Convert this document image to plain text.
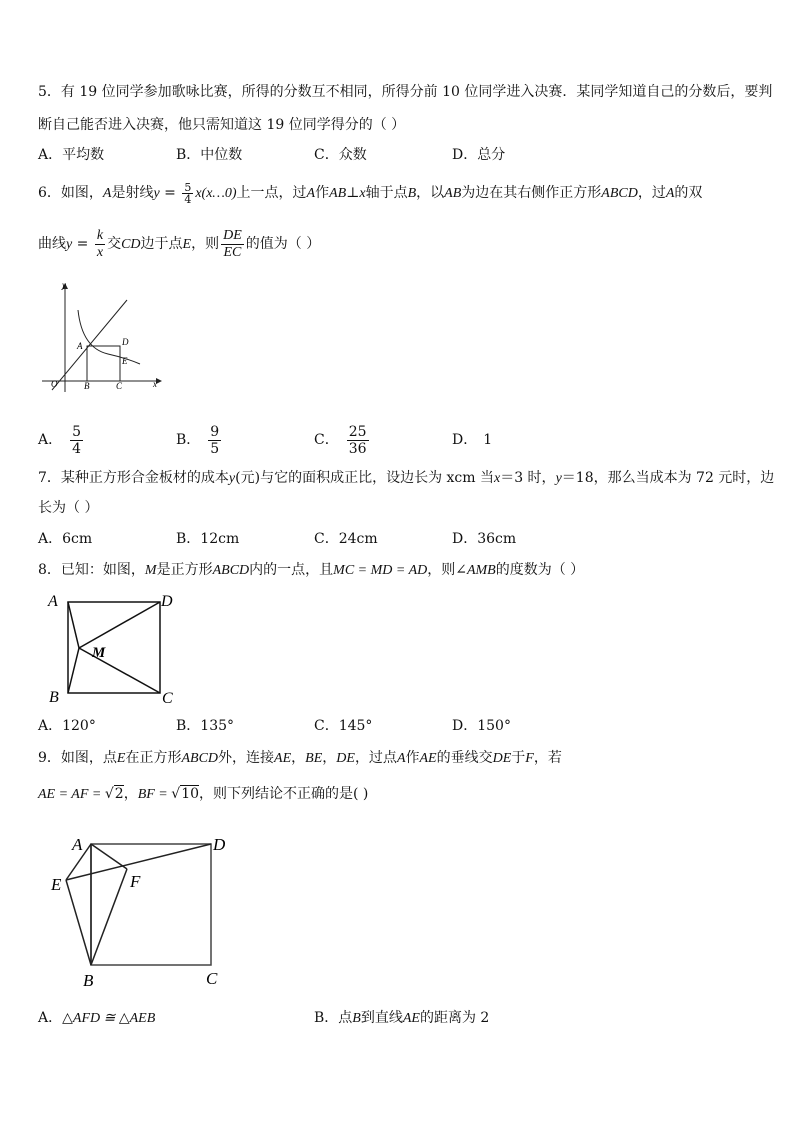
5．有 19 位同学参加歌咏比赛，所得的分数互不相同，所得分前 10 位同学进入决赛．某同学知道自己的分数后，要判
断自己能否进入决赛，他只需知道这 19 位同学得分的（ ）
A．平均数	B．中位数	C．众数	D．总分
6．如图，A是射线$y = \frac{5}{4}$ x(x…0)上一点，过A作AB⊥x轴于点B，以AB为边在其右侧作正方形ABCD，过A的双
曲线$y = \frac{k}{x}$ 交CD边于点E，则 $\frac{DE}{EC}$ 的值为（ ）
y
x
O
A
B	C
D
E
A． $\frac{5}{4}$	B． $\frac{9}{5}$	C． $\frac{25}{36}$	D． 1
7．某种正方形合金板材的成本y(元)与它的面积成正比，设边长为 xcm 当x＝3 时，y＝18，那么当成本为 72 元时，边
长为（ ）
A．6cm	B．12cm	C．24cm	D．36cm
8．已知：如图，M是正方形ABCD内的一点，且MC = MD = AD，则∠AMB的度数为（ ）
A
B	C
D
M
A．120°	B．135°	C．145°	D．150°
9．如图，点E在正方形ABCD外，连接AE，BE，DE，过点A作AE的垂线交DE于F，若
AE = AF = √2，BF = √10，则下列结论不正确的是( )
A
E	F
D
B	C
A．△AFD ≅ △AEB	B．点B到直线AE的距离为 2
